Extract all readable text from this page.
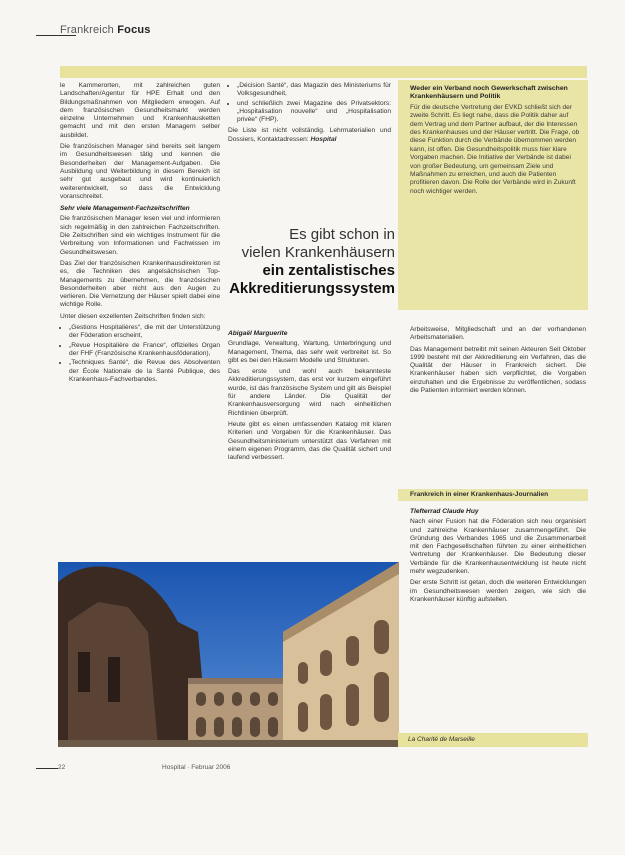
Frankreich Focus

le Kammerorten, mit zahlreichen guten Landschaften/Agentur für HPE Erhalt und den Bildungsmaßnahmen von Mitgliedern erwogen. Auf dem französischen Gesundheitsmarkt werden einzelne Unternehmen und Krankenhausketten gemacht und mit den ersten Managern selber ausbildet.

Die französischen Manager sind bereits seit langem im Gesundheitswesen tätig und kennen die Besonderheiten der Management-Aufgaben. Die Ausbildung und Weiterbildung in diesem Bereich ist sehr gut ausgebaut und wird kontinuierlich weiterentwickelt, so dass die Entwicklung voranschreitet.

Sehr viele Management-Fachzeitschriften

Die französischen Manager lesen viel und informieren sich regelmäßig in den zahlreichen Fachzeitschriften. Die Zeitschriften sind ein wichtiges Instrument für die Verbreitung von Informationen und Fachwissen im Gesundheitswesen.

Das Ziel der französischen Krankenhausdirektoren ist es, die Techniken des angelsächsischen Top-Managements zu übernehmen, die französischen Besonderheiten aber nicht aus den Augen zu verlieren. Die Vernetzung der Häuser spielt dabei eine wichtige Rolle.

Unter diesen exzellenten Zeitschriften finden sich:

• „Gestions Hospitalières“, die mit der Unterstützung der Föderation erscheint,
• „Revue Hospitalière de France“, offizielles Organ der FHF (Französische Krankenhausföderation),
• „Techniques Santé“, die Revue des Absolventen der École Nationale de la Santé Publique, des Krankenhaus-Fachverbandes.
• „Décision Santé“, das Magazin des Ministeriums für Volksgesundheit,
• und schließlich zwei Magazine des Privatsektors: „Hospitalisation nouvelle“ und „Hospitalisation privée“ (FHP).

Die Liste ist nicht vollständig. Lehrmaterialien und Dossiers, Kontaktadressen: Hospital

Es gibt schon in
vielen Krankenhäusern
ein zentalistisches
Akkreditierungssystem
Abigaël Marguerite

Grundlage, Verwaltung, Wartung, Unterbringung und Management, Thema, das sehr weit verbreitet ist. So gibt es bei den Häusern Modelle und Strukturen.

Das erste und wohl auch bekannteste Akkreditierungssystem, das erst vor kurzem eingeführt wurde, ist das französische System und gilt als Beispiel für andere Länder. Die Qualität der Krankenhausversorgung wird nach einheitlichen Richtlinien überprüft.

Heute gibt es einen umfassenden Katalog mit klaren Kriterien und Vorgaben für die Krankenhäuser. Das Gesundheitsministerium unterstützt das Verfahren mit einem eigenen Programm, das die Qualität sichert und laufend verbessert.

Weder ein Verband noch Gewerkschaft zwischen Krankenhäusern und Politik
Für die deutsche Vertretung der EVKD schließt sich der zweite Schritt. Es liegt nahe, dass die Politik daher auf dem Vertrag und dem Partner aufbaut, der die Interessen des Krankenhauses und der Häuser vertritt. Die Frage, ob diese Funktion durch die Verbände übernommen werden kann, ist offen. Die Gesundheitspolitik muss hier klare Vorgaben machen. Die Initiative der Verbände ist dabei von großer Bedeutung, um gemeinsam Ziele und Maßnahmen zu erreichen, und auch die Patienten profitieren davon. Die Rolle der Verbände wird in Zukunft noch wichtiger werden.

Arbeitsweise, Mitgliedschaft und an der vorhandenen Arbeitsmaterialien.

Das Management betreibt mit seinen Akteuren Seit Oktober 1999 besteht mit der Akkreditierung ein Verfahren, das die Qualität der Häuser in Frankreich sichert. Die Krankenhäuser haben sich verpflichtet, die Vorgaben einzuhalten und die Ergebnisse zu veröffentlichen, sodass die Patienten informiert werden können.

Frankreich in einer Krankenhaus-Journalien
Tlefterrad Claude Huy

Nach einer Fusion hat die Föderation sich neu organisiert und zahlreiche Krankenhäuser zusammengeführt. Die Gründung des Verbandes 1965 und die Zusammenarbeit mit den Fachgesellschaften führten zu einer einheitlichen Vertretung der Krankenhäuser. Die Bedeutung dieser Verbände für die Krankenhausentwicklung ist heute nicht mehr wegzudenken.

Der erste Schritt ist getan, doch die weiteren Entwicklungen im Gesundheitswesen werden zeigen, wie sich die Krankenhäuser künftig aufstellen.

La Charité de Marseille
22	Hospital · Februar 2006
